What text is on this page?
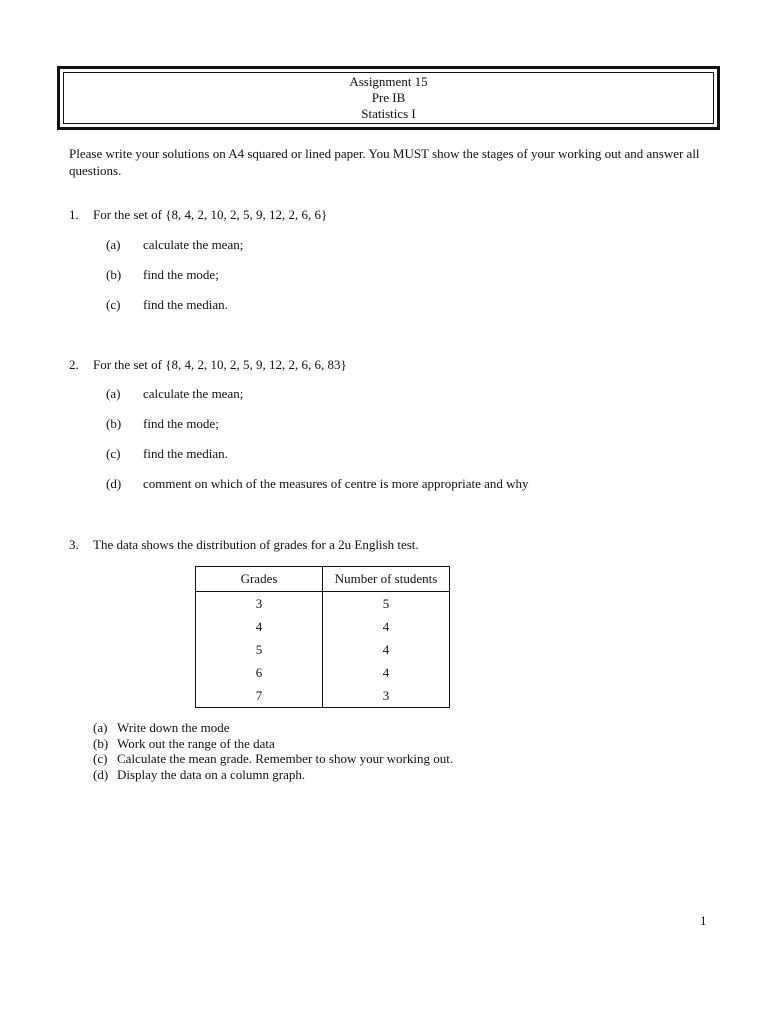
Assignment 15
Pre IB
Statistics I
Please write your solutions on A4 squared or lined paper. You MUST show the stages of your working out and answer all questions.
1. For the set of {8, 4, 2, 10, 2, 5, 9, 12, 2, 6, 6}
(a) calculate the mean;
(b) find the mode;
(c) find the median.
2. For the set of {8, 4, 2, 10, 2, 5, 9, 12, 2, 6, 6, 83}
(a) calculate the mean;
(b) find the mode;
(c) find the median.
(d) comment on which of the measures of centre is more appropriate and why
3. The data shows the distribution of grades for a 2u English test.
Grades	Number of students
3	5
4	4
5	4
6	4
7	3
(a) Write down the mode
(b) Work out the range of the data
(c) Calculate the mean grade. Remember to show your working out.
(d) Display the data on a column graph.
1
